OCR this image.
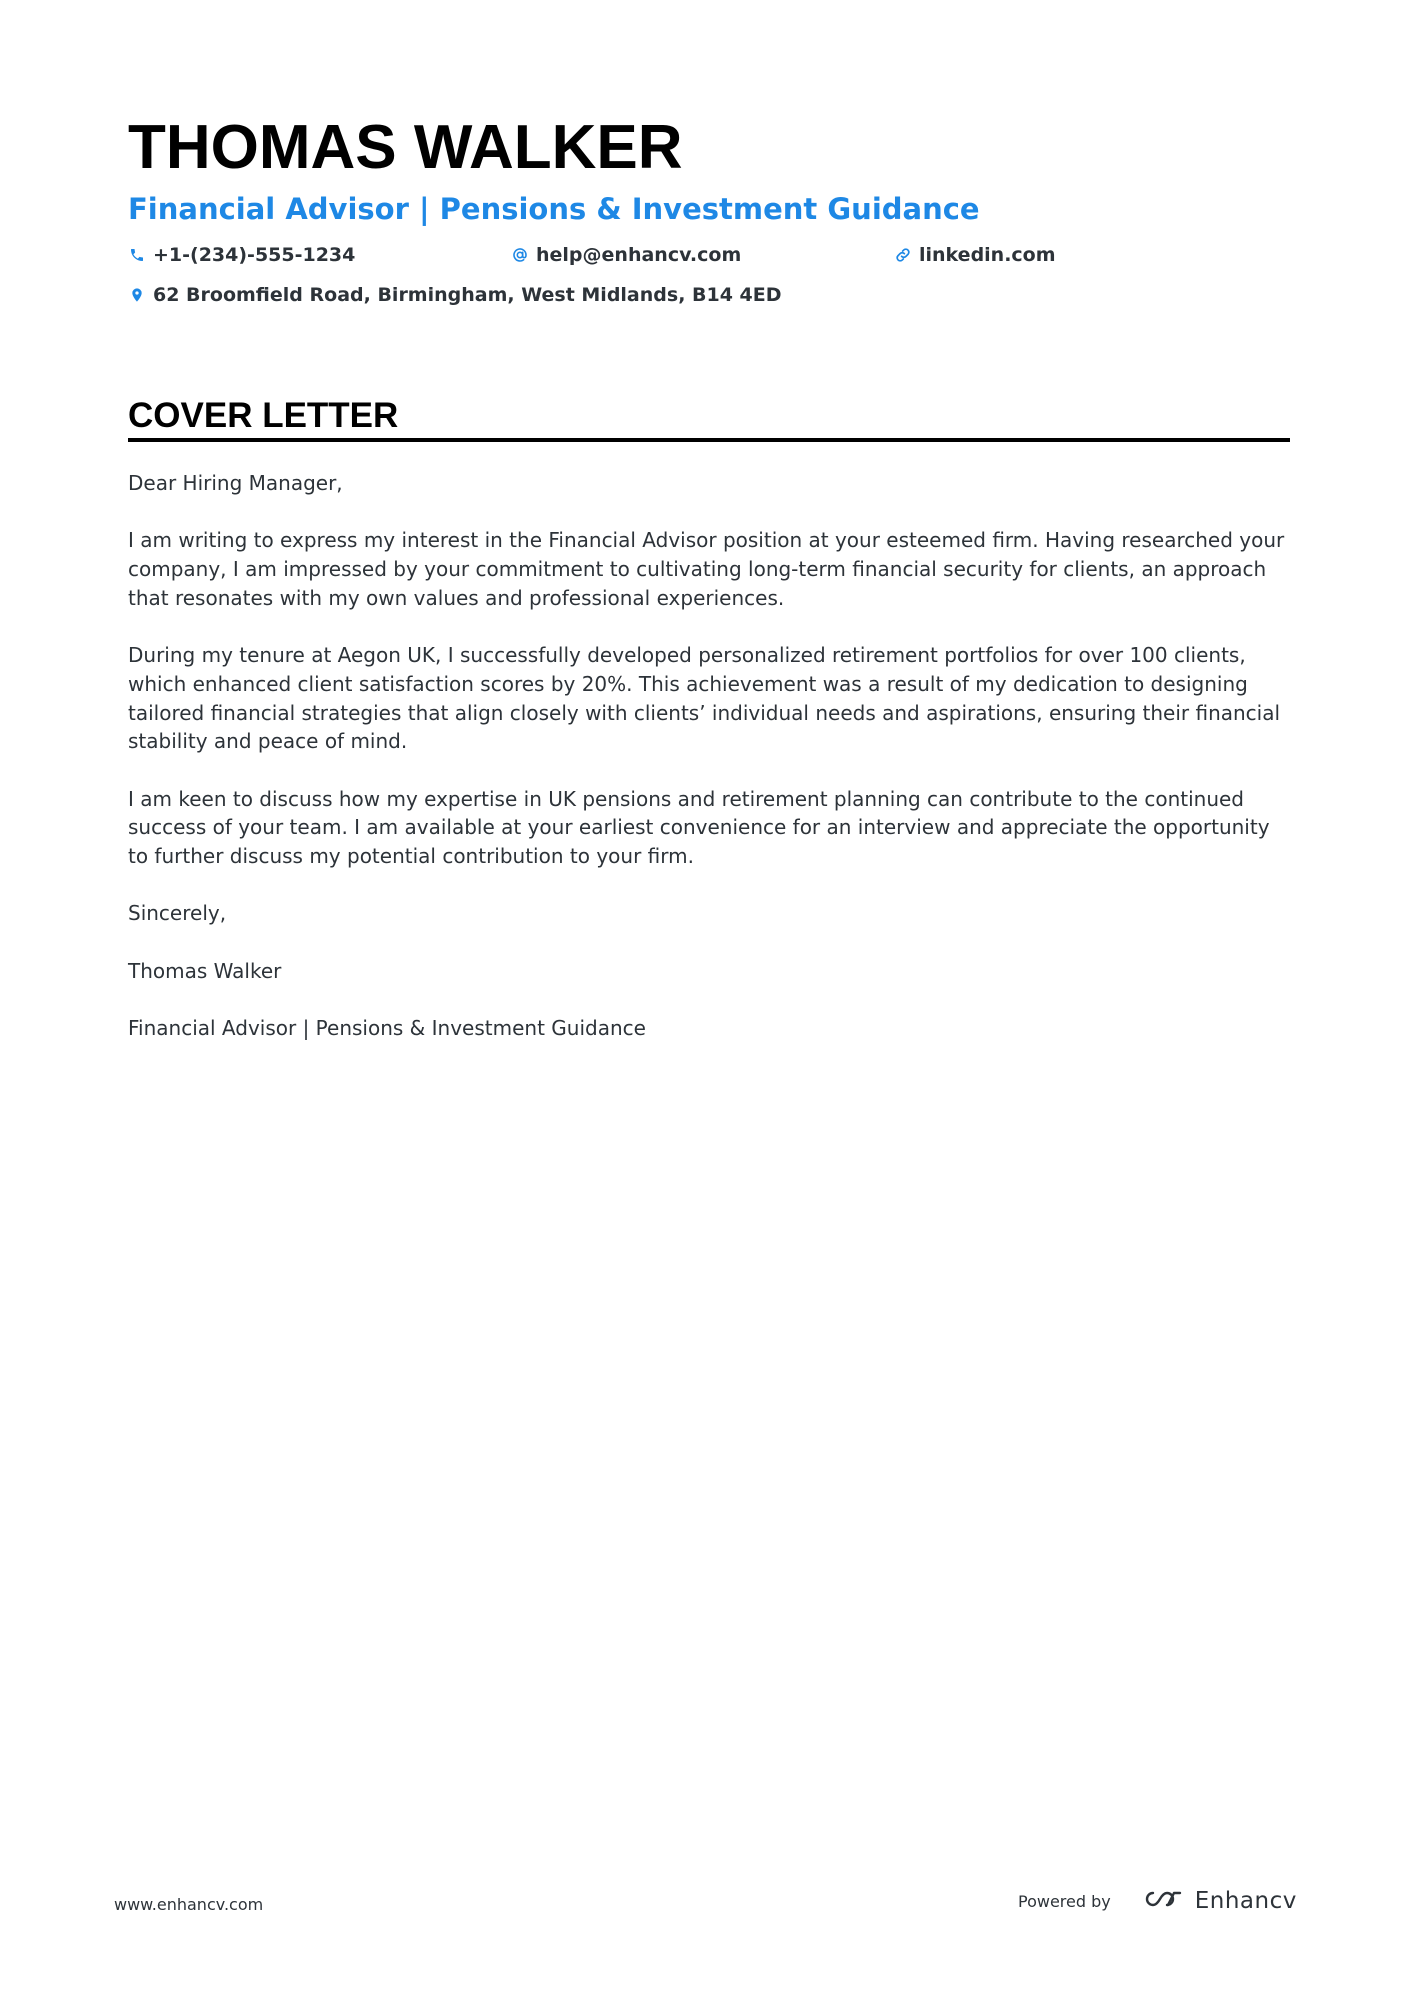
THOMAS WALKER
Financial Advisor | Pensions & Investment Guidance
+1-(234)-555-1234	help@enhancv.com	linkedin.com
62 Broomfield Road, Birmingham, West Midlands, B14 4ED
COVER LETTER

Dear Hiring Manager,

I am writing to express my interest in the Financial Advisor position at your esteemed firm. Having researched your company, I am impressed by your commitment to cultivating long-term financial security for clients, an approach that resonates with my own values and professional experiences.

During my tenure at Aegon UK, I successfully developed personalized retirement portfolios for over 100 clients, which enhanced client satisfaction scores by 20%. This achievement was a result of my dedication to designing tailored financial strategies that align closely with clients’ individual needs and aspirations, ensuring their financial stability and peace of mind.

I am keen to discuss how my expertise in UK pensions and retirement planning can contribute to the continued success of your team. I am available at your earliest convenience for an interview and appreciate the opportunity to further discuss my potential contribution to your firm.

Sincerely,

Thomas Walker

Financial Advisor | Pensions & Investment Guidance

www.enhancv.com	Powered by	Enhancv
